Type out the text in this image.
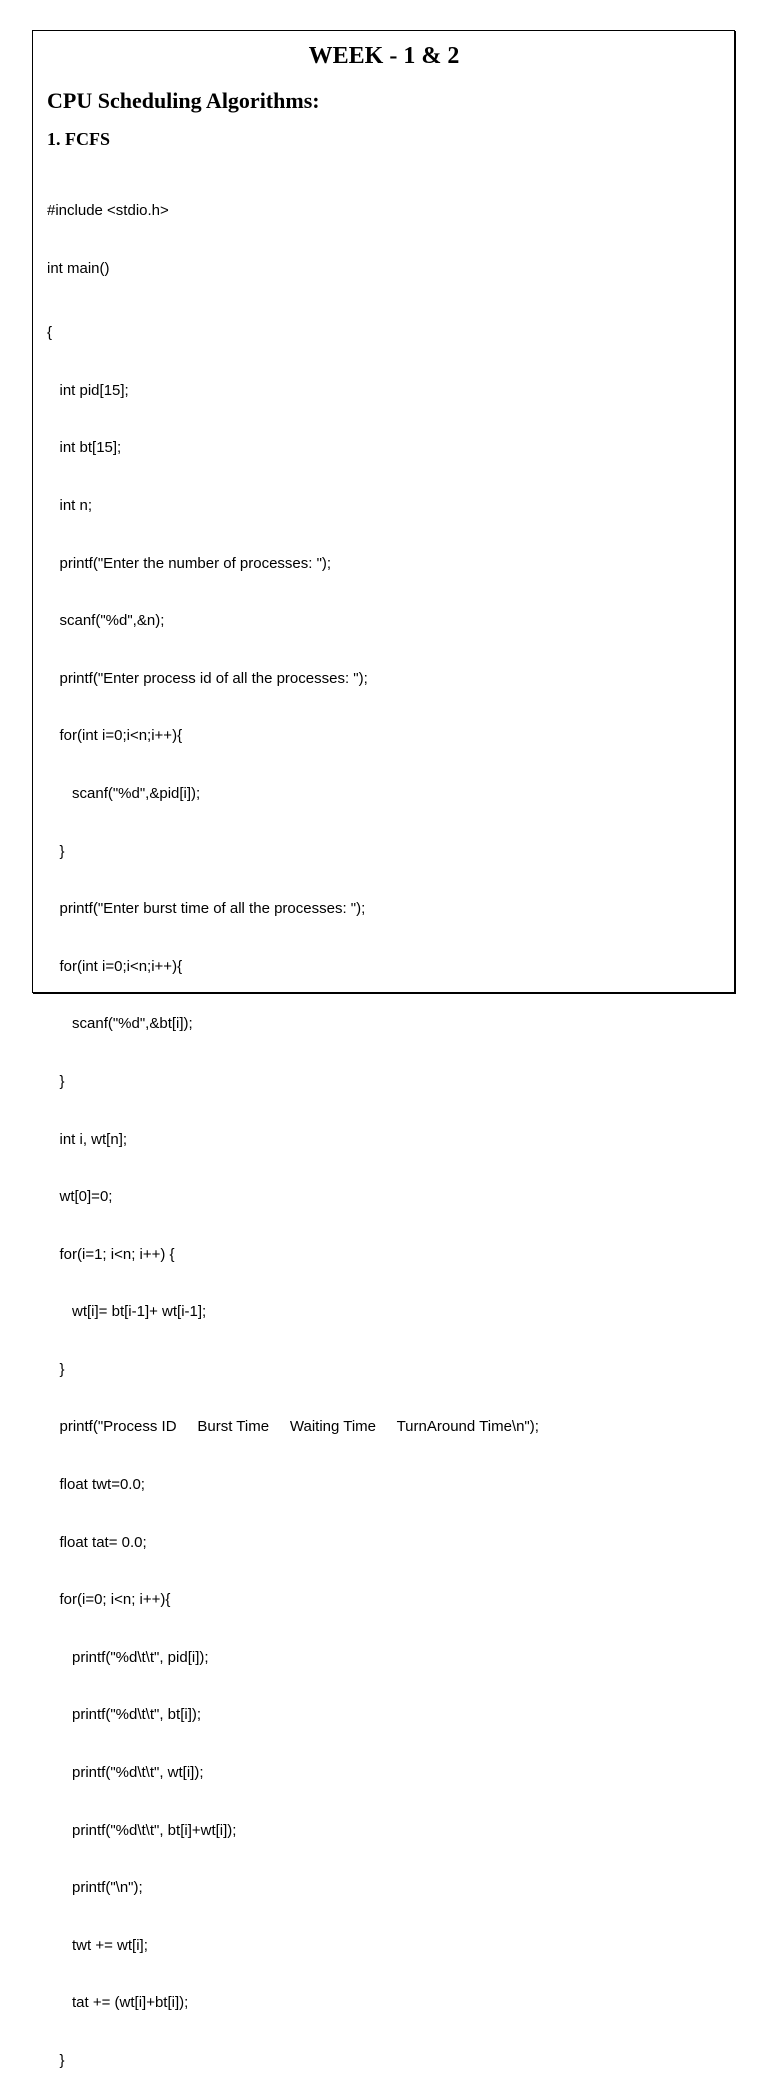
WEEK - 1 & 2
CPU Scheduling Algorithms:
1. FCFS

#include <stdio.h>

int main()

{

int pid[15];

int bt[15];

int n;

printf("Enter the number of processes: ");

scanf("%d",&n);

printf("Enter process id of all the processes: ");

for(int i=0;i<n;i++){

scanf("%d",&pid[i]);

}

printf("Enter burst time of all the processes: ");

for(int i=0;i<n;i++){

scanf("%d",&bt[i]);

}

int i, wt[n];

wt[0]=0;

for(i=1; i<n; i++) {

wt[i]= bt[i-1]+ wt[i-1];

}

printf("Process ID     Burst Time     Waiting Time     TurnAround Time\n");

float twt=0.0;

float tat= 0.0;

for(i=0; i<n; i++){

printf("%d\t\t", pid[i]);

printf("%d\t\t", bt[i]);

printf("%d\t\t", wt[i]);

printf("%d\t\t", bt[i]+wt[i]);

printf("\n");

twt += wt[i];

tat += (wt[i]+bt[i]);

}
